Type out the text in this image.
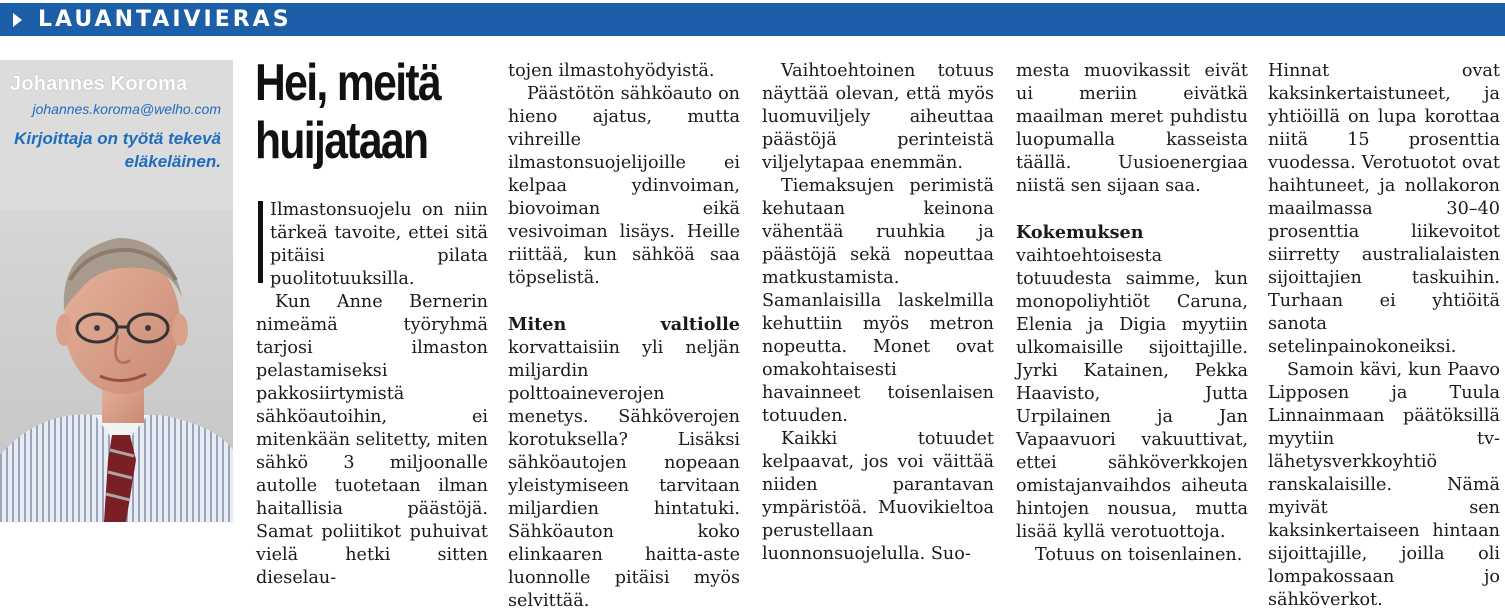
LAUANTAIVIERAS
Johannes Koroma
johannes.koroma@welho.com
Kirjoittaja on työtä tekevä eläkeläinen.
Hei, meitä huijataan

Ilmastonsuojelu on niin tärkeä tavoite, ettei sitä pitäisi pilata puolitotuuksilla.

Kun Anne Bernerin nimeämä työryhmä tarjosi ilmaston pelastamiseksi pakkosiirtymistä sähköautoihin, ei mitenkään selitetty, miten sähkö 3 miljoonalle autolle tuotetaan ilman haitallisia päästöjä. Samat poliitikot puhuivat vielä hetki sitten dieselau-

tojen ilmastohyödyistä.

Päästötön sähköauto on hieno ajatus, mutta vihreille ilmastonsuojelijoille ei kelpaa ydinvoiman, biovoiman eikä vesivoiman lisäys. Heille riittää, kun sähköä saa töpselistä.

Miten valtiolle korvattaisiin yli neljän miljardin polttoaineverojen menetys. Sähköverojen korotuksella? Lisäksi sähköautojen nopeaan yleistymiseen tarvitaan miljardien hintatuki. Sähköauton koko elinkaaren haitta-aste luonnolle pitäisi myös selvittää.

Vaihtoehtoinen totuus näyttää olevan, että myös luomuviljely aiheuttaa päästöjä perinteistä viljelytapaa enemmän.

Tiemaksujen perimistä kehutaan keinona vähentää ruuhkia ja päästöjä sekä nopeuttaa matkustamista. Samanlaisilla laskelmilla kehuttiin myös metron nopeutta. Monet ovat omakohtaisesti havainneet toisenlaisen totuuden.

Kaikki totuudet kelpaavat, jos voi väittää niiden parantavan ympäristöä. Muovikieltoa perustellaan luonnonsuojelulla. Suo-

mesta muovikassit eivät ui meriin eivätkä maailman meret puhdistu luopumalla kasseista täällä. Uusioenergiaa niistä sen sijaan saa.

Kokemuksen vaihtoehtoisesta totuudesta saimme, kun monopoliyhtiöt Caruna, Elenia ja Digia myytiin ulkomaisille sijoittajille. Jyrki Katainen, Pekka Haavisto, Jutta Urpilainen ja Jan Vapaavuori vakuuttivat, ettei sähköverkkojen omistajanvaihdos aiheuta hintojen nousua, mutta lisää kyllä verotuottoja.

Totuus on toisenlainen.

Hinnat ovat kaksinkertaistuneet, ja yhtiöillä on lupa korottaa niitä 15 prosenttia vuodessa. Verotuotot ovat haihtuneet, ja nollakoron maailmassa 30–40 prosenttia liikevoitot siirretty australialaisten sijoittajien taskuihin. Turhaan ei yhtiöitä sanota setelinpainokoneiksi.

Samoin kävi, kun Paavo Lipposen ja Tuula Linnainmaan päätöksillä myytiin tv-lähetysverkkoyhtiö ranskalaisille. Nämä myivät sen kaksinkertaiseen hintaan sijoittajille, joilla oli lompakossaan jo sähköverkot.
